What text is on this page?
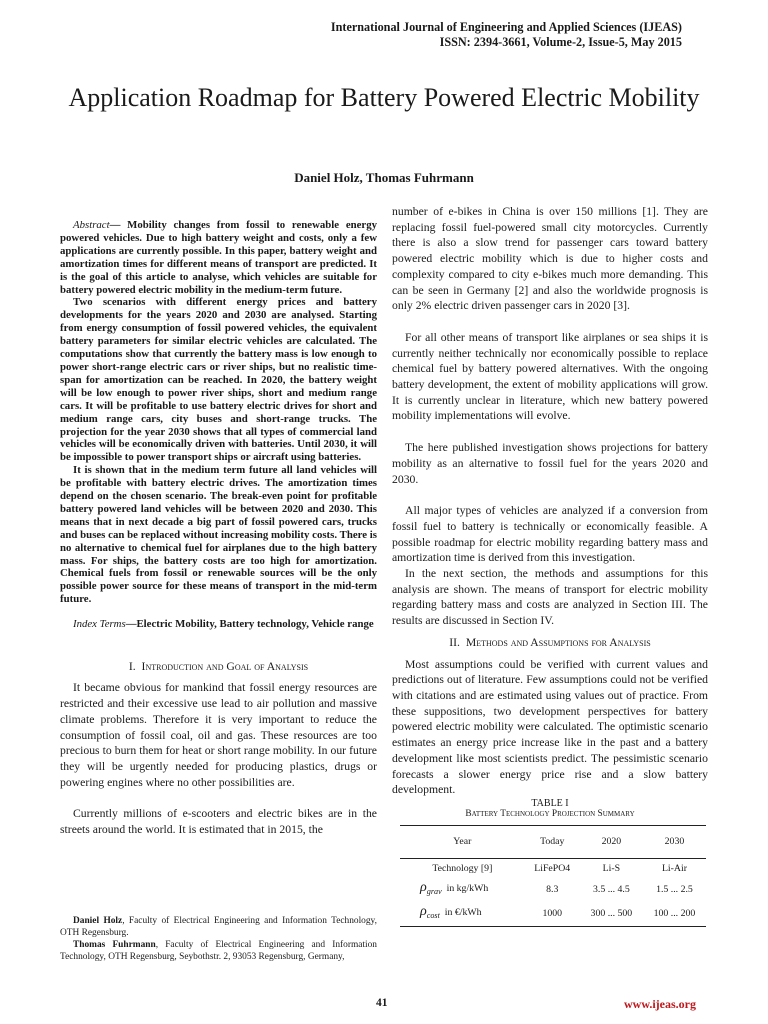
International Journal of Engineering and Applied Sciences (IJEAS)
ISSN: 2394-3661, Volume-2, Issue-5, May 2015
Application Roadmap for Battery Powered Electric Mobility
Daniel Holz, Thomas Fuhrmann

Abstract— Mobility changes from fossil to renewable energy powered vehicles. Due to high battery weight and costs, only a few applications are currently possible. In this paper, battery weight and amortization times for different means of transport are predicted. It is the goal of this article to analyse, which vehicles are suitable for battery powered electric mobility in the medium-term future.

Two scenarios with different energy prices and battery developments for the years 2020 and 2030 are analysed. Starting from energy consumption of fossil powered vehicles, the equivalent battery parameters for similar electric vehicles are calculated. The computations show that currently the battery mass is low enough to power short-range electric cars or river ships, but no realistic time-span for amortization can be reached. In 2020, the battery weight will be low enough to power river ships, short and medium range cars. It will be profitable to use battery electric drives for short and medium range cars, city buses and short-range trucks. The projection for the year 2030 shows that all types of commercial land vehicles will be economically driven with batteries. Until 2030, it will be impossible to power transport ships or aircraft using batteries.

It is shown that in the medium term future all land vehicles will be profitable with battery electric drives. The amortization times depend on the chosen scenario. The break-even point for profitable battery powered land vehicles will be between 2020 and 2030. This means that in next decade a big part of fossil powered cars, trucks and buses can be replaced without increasing mobility costs. There is no alternative to chemical fuel for airplanes due to the high battery mass. For ships, the battery costs are too high for amortization. Chemical fuels from fossil or renewable sources will be the only possible power source for these means of transport in the mid-term future.

Index Terms—Electric Mobility, Battery technology, Vehicle range

I. Introduction and Goal of Analysis

It became obvious for mankind that fossil energy resources are restricted and their excessive use lead to air pollution and massive climate problems. Therefore it is very important to reduce the consumption of fossil coal, oil and gas. These resources are too precious to burn them for heat or short range mobility. In our future they will be urgently needed for producing plastics, drugs or powering engines where no other possibilities are.

Currently millions of e-scooters and electric bikes are in the streets around the world. It is estimated that in 2015, the

Daniel Holz, Faculty of Electrical Engineering and Information Technology, OTH Regensburg.

Thomas Fuhrmann, Faculty of Electrical Engineering and Information Technology, OTH Regensburg, Seybothstr. 2, 93053 Regensburg, Germany,

number of e-bikes in China is over 150 millions [1]. They are replacing fossil fuel-powered small city motorcycles. Currently there is also a slow trend for passenger cars toward battery powered electric mobility which is due to higher costs and complexity compared to city e-bikes much more demanding. This can be seen in Germany [2] and also the worldwide prognosis is only 2% electric driven passenger cars in 2020 [3].

For all other means of transport like airplanes or sea ships it is currently neither technically nor economically possible to replace chemical fuel by battery powered alternatives. With the ongoing battery development, the extent of mobility applications will grow. It is currently unclear in literature, which new battery powered mobility implementations will evolve.

The here published investigation shows projections for battery mobility as an alternative to fossil fuel for the years 2020 and 2030.

All major types of vehicles are analyzed if a conversion from fossil fuel to battery is technically or economically feasible. A possible roadmap for electric mobility regarding battery mass and amortization time is derived from this investigation.

In the next section, the methods and assumptions for this analysis are shown. The means of transport for electric mobility regarding battery mass and costs are analyzed in Section III. The results are discussed in Section IV.

II. Methods and Assumptions for Analysis

Most assumptions could be verified with current values and predictions out of literature. Few assumptions could not be verified with citations and are estimated using values out of practice. From these suppositions, two development perspectives for battery powered electric mobility were calculated. The optimistic scenario estimates an energy price increase like in the past and a battery development like most scientists predict. The pessimistic scenario forecasts a slower energy price rise and a slow battery development.

TABLE I

Battery Technology Projection Summary

Year	Today	2020	2030
Technology [9]	LiFePO4	Li-S	Li-Air
$\rho_{grav}$ in kg/kWh	8.3	3.5 ... 4.5	1.5 ... 2.5
$\rho_{cost}$ in €/kWh	1000	300 ... 500	100 ... 200
41	www.ijeas.org
